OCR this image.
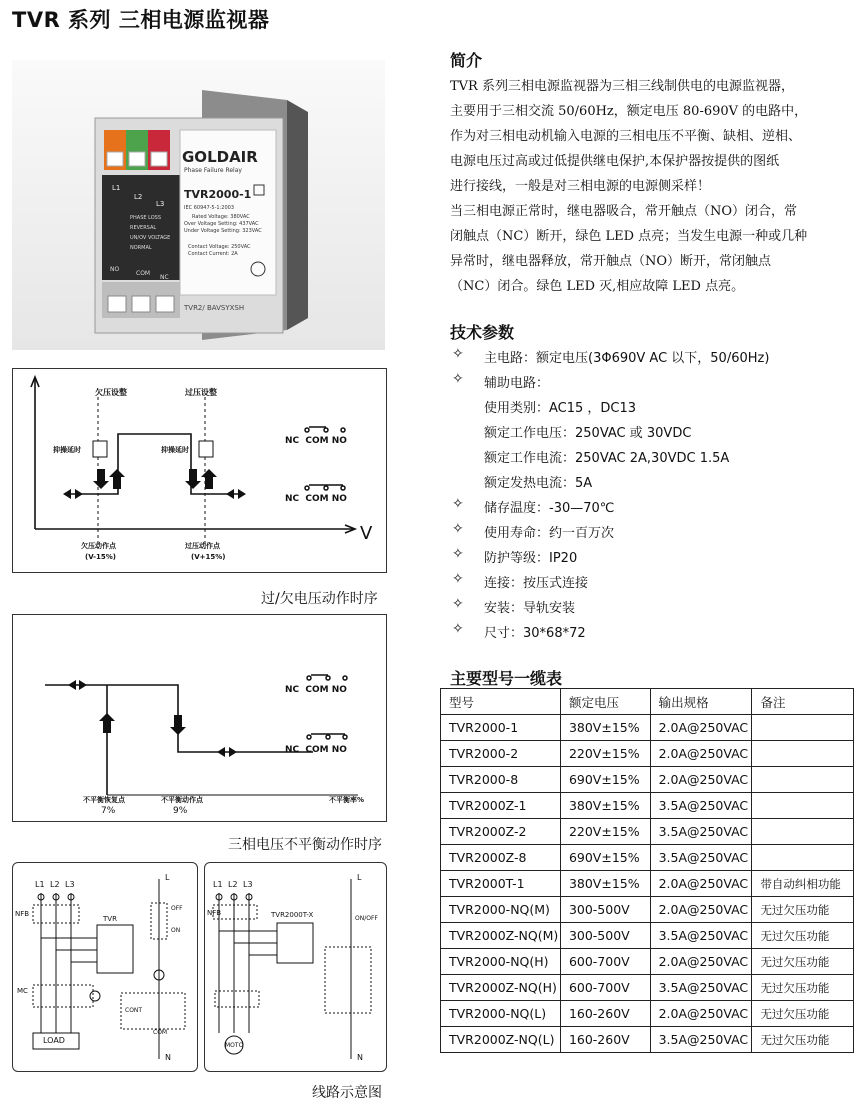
TVR 系列 三相电源监视器
GOLDAIR
Phase Failure Relay
TVR2000-1
IEC 60947-5-1:2003
Rated Voltage: 380VAC
Over Voltage Setting: 437VAC
Under Voltage Setting: 323VAC
Contact Voltage: 250VAC
Contact Current: 2A
L1
L2
L3
PHASE LOSS
REVERSAL
UN/OV VOLTAGE
NORMAL
NO
COM
NC
TVR2/ BAVSYXSH
欠压设整	过压设整
抑操延时	抑操延时
NC  COM NO
NC  COM NO
欠压动作点
(V-15%)
过压动作点
(V+15%)
V
过/欠电压动作时序
NC  COM NO
NC  COM NO
不平衡恢复点
7%
不平衡动作点
9%
不平衡率%
三相电压不平衡动作时序
L1 L2 L3
NFB
TVR
MC
LOAD
L
N
OFF
ON
CONT
COM
L1 L2 L3
NFB	TVR2000T-X
L
N
ON/OFF
MOTO
线路示意图
简介

TVR 系列三相电源监视器为三相三线制供电的电源监视器，

主要用于三相交流 50/60Hz，额定电压 80-690V 的电路中，

作为对三相电动机输入电源的三相电压不平衡、缺相、逆相、

电源电压过高或过低提供继电保护,本保护器按提供的图纸

进行接线，一般是对三相电源的电源侧采样！

当三相电源正常时，继电器吸合，常开触点（NO）闭合，常

闭触点（NC）断开，绿色 LED 点亮；当发生电源一种或几种

异常时，继电器释放，常开触点（NO）断开，常闭触点

（NC）闭合。绿色 LED 灭,相应故障 LED 点亮。

技术参数
✧ 主电路：额定电压(3Φ690V AC 以下，50/60Hz)
✧ 辅助电路：
使用类别：AC15 ，DC13
额定工作电压：250VAC 或 30VDC
额定工作电流：250VAC 2A,30VDC 1.5A
额定发热电流：5A
✧ 储存温度：-30—70℃
✧ 使用寿命：约一百万次
✧ 防护等级：IP20
✧ 连接：按压式连接
✧ 安装：导轨安装
✧ 尺寸：30*68*72
主要型号一缆表
型号	额定电压	输出规格	备注
TVR2000-1	380V±15%	2.0A@250VAC	
TVR2000-2	220V±15%	2.0A@250VAC	
TVR2000-8	690V±15%	2.0A@250VAC	
TVR2000Z-1	380V±15%	3.5A@250VAC	
TVR2000Z-2	220V±15%	3.5A@250VAC	
TVR2000Z-8	690V±15%	3.5A@250VAC	
TVR2000T-1	380V±15%	2.0A@250VAC	带自动纠相功能
TVR2000-NQ(M)	300-500V	2.0A@250VAC	无过欠压功能
TVR2000Z-NQ(M)	300-500V	3.5A@250VAC	无过欠压功能
TVR2000-NQ(H)	600-700V	2.0A@250VAC	无过欠压功能
TVR2000Z-NQ(H)	600-700V	3.5A@250VAC	无过欠压功能
TVR2000-NQ(L)	160-260V	2.0A@250VAC	无过欠压功能
TVR2000Z-NQ(L)	160-260V	3.5A@250VAC	无过欠压功能
